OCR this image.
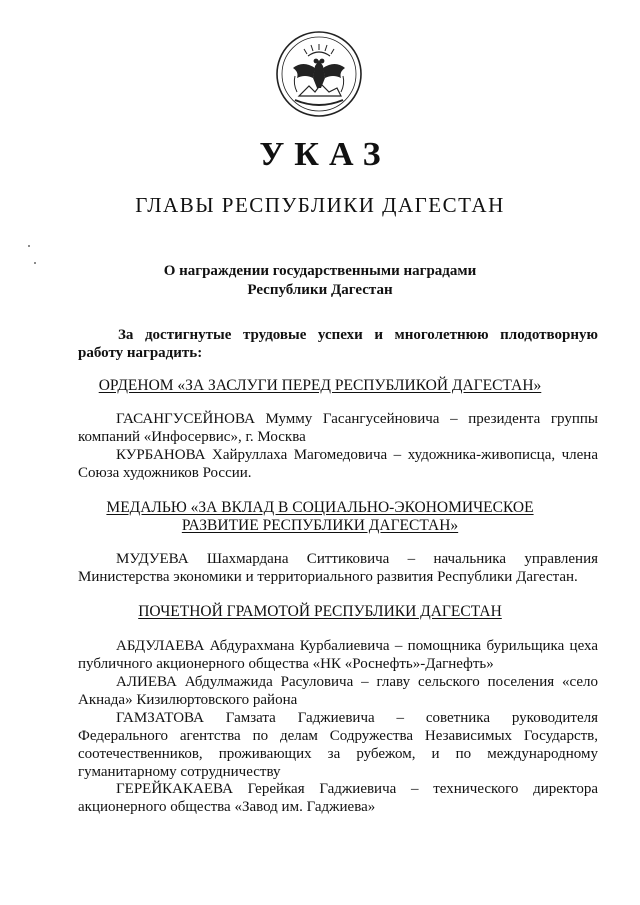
УКАЗ
ГЛАВЫ РЕСПУБЛИКИ ДАГЕСТАН
О награждении государственными наградами
Республики Дагестан
За достигнутые трудовые успехи и многолетнюю плодотворную работу наградить:
ОРДЕНОМ «ЗА ЗАСЛУГИ ПЕРЕД РЕСПУБЛИКОЙ ДАГЕСТАН»
ГАСАНГУСЕЙНОВА Мумму Гасангусейновича – президента группы компаний «Инфосервис», г. Москва
КУРБАНОВА Хайруллаха Магомедовича – художника-живописца, члена Союза художников России.
МЕДАЛЬЮ «ЗА ВКЛАД В СОЦИАЛЬНО-ЭКОНОМИЧЕСКОЕ
РАЗВИТИЕ РЕСПУБЛИКИ ДАГЕСТАН»
МУДУЕВА Шахмардана Ситтиковича – начальника управления Министерства экономики и территориального развития Республики Дагестан.
ПОЧЕТНОЙ ГРАМОТОЙ РЕСПУБЛИКИ ДАГЕСТАН
АБДУЛАЕВА Абдурахмана Курбалиевича – помощника бурильщика цеха публичного акционерного общества «НК «Роснефть»-Дагнефть»
АЛИЕВА Абдулмажида Расуловича – главу сельского поселения «село Акнада» Кизилюртовского района
ГАМЗАТОВА Гамзата Гаджиевича – советника руководителя Федерального агентства по делам Содружества Независимых Государств, соотечественников, проживающих за рубежом, и по международному гуманитарному сотрудничеству
ГЕРЕЙКАКАЕВА Герейкая Гаджиевича – технического директора акционерного общества «Завод им. Гаджиева»
